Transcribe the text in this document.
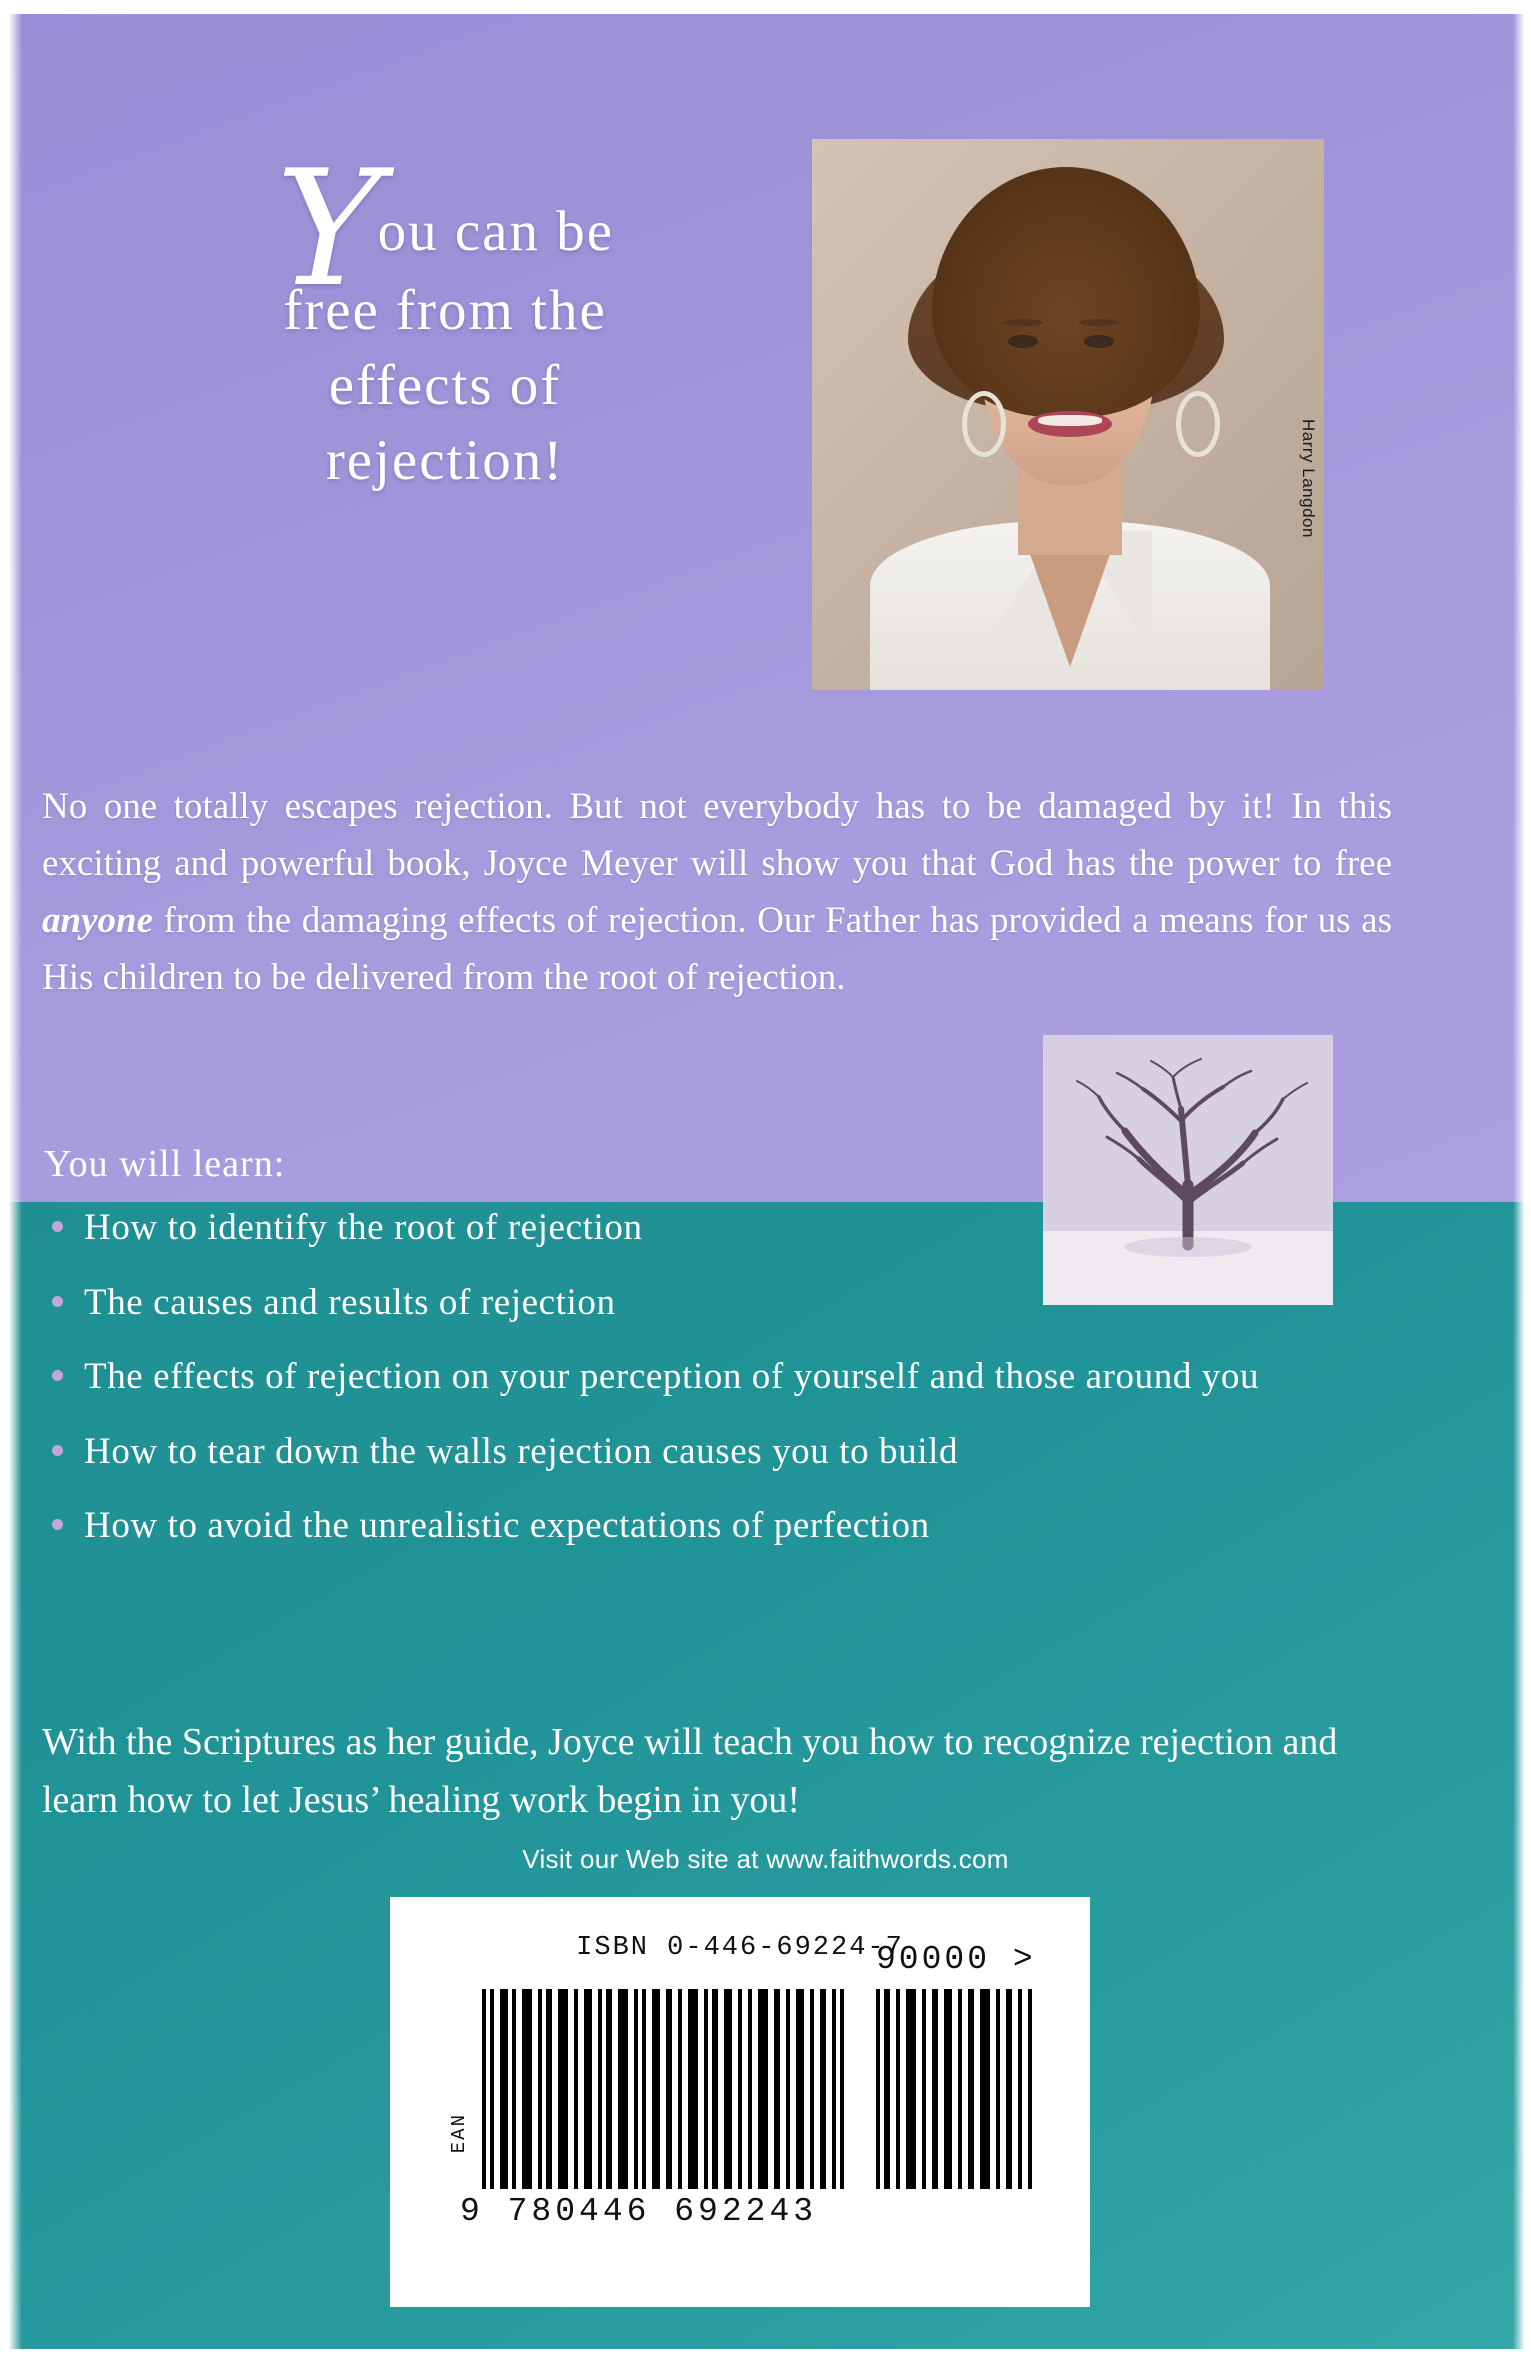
You can be
free from the
effects of
rejection!	Harry Langdon

No one totally escapes rejection. But not everybody has to be damaged by it! In this exciting and powerful book, Joyce Meyer will show you that God has the power to free anyone from the damaging effects of rejection. Our Father has provided a means for us as His children to be delivered from the root of rejection.

You will learn:
How to identify the root of rejection
The causes and results of rejection
The effects of rejection on your perception of yourself and those around you
How to tear down the walls rejection causes you to build
How to avoid the unrealistic expectations of perfection

With the Scriptures as her guide, Joyce will teach you how to recognize rejection and learn how to let Jesus’ healing work begin in you!

Visit our Web site at www.faithwords.com
ISBN 0-446-69224-7
EAN
9 780446 692243
90000 >
